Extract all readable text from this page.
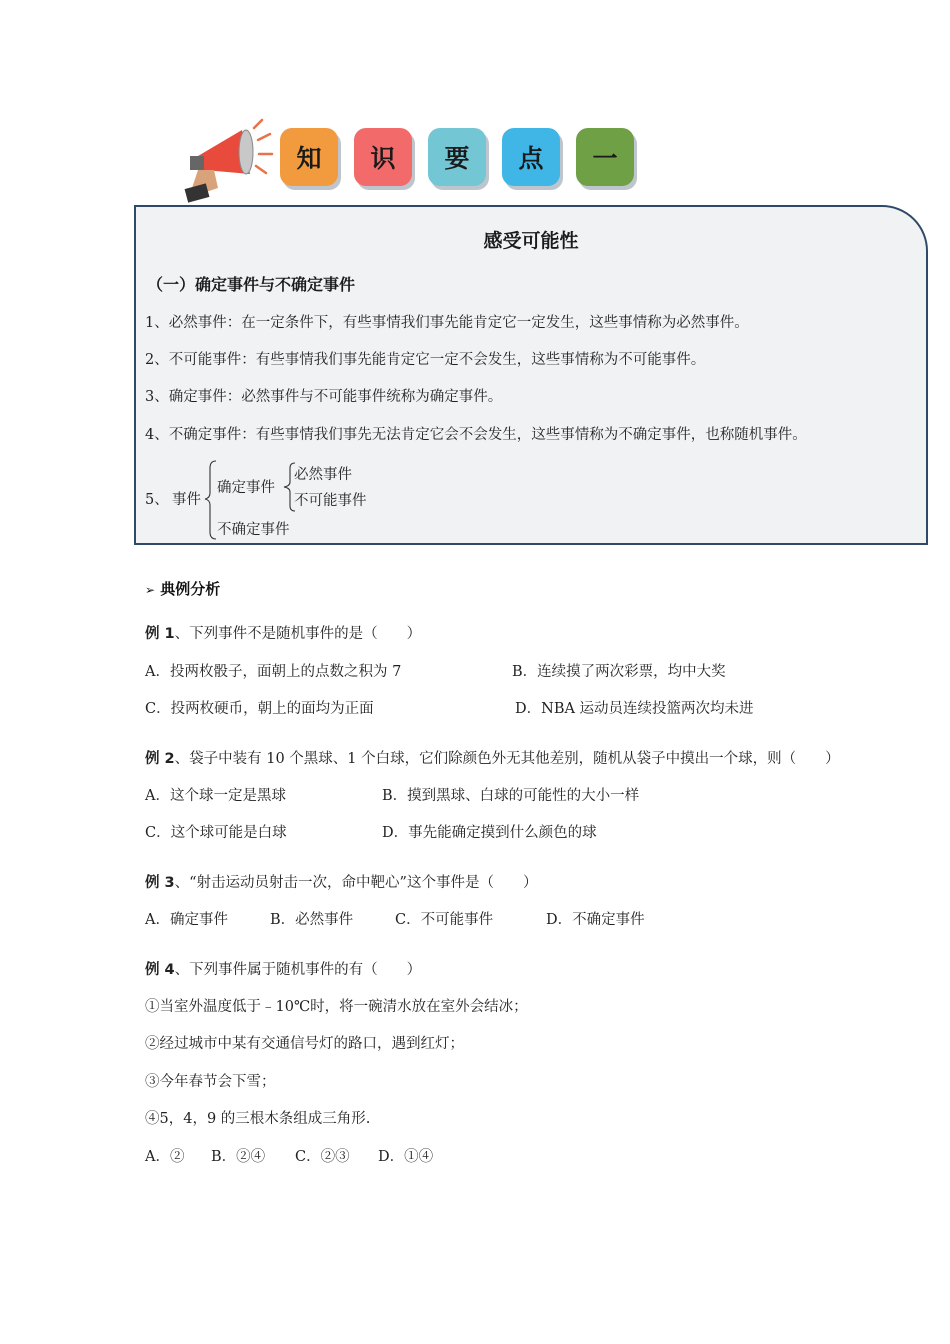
知	识	要	点	一
感受可能性
（一）确定事件与不确定事件
1、必然事件：在一定条件下，有些事情我们事先能肯定它一定发生，这些事情称为必然事件。
2、不可能事件：有些事情我们事先能肯定它一定不会发生，这些事情称为不可能事件。
3、确定事件：必然事件与不可能事件统称为确定事件。
4、不确定事件：有些事情我们事先无法肯定它会不会发生，这些事情称为不确定事件，也称随机事件。
5、 事件
确定事件
必然事件
不可能事件
不确定事件
➢ 典例分析
例 1、下列事件不是随机事件的是（　　）
A．投两枚骰子，面朝上的点数之积为 7	B．连续摸了两次彩票，均中大奖
C．投两枚硬币，朝上的面均为正面	D．NBA 运动员连续投篮两次均未进
例 2、袋子中装有 10 个黑球、1 个白球，它们除颜色外无其他差别，随机从袋子中摸出一个球，则（　　）
A．这个球一定是黑球	B．摸到黑球、白球的可能性的大小一样
C．这个球可能是白球	D．事先能确定摸到什么颜色的球
例 3、“射击运动员射击一次，命中靶心”这个事件是（　　）
A．确定事件	B．必然事件	C．不可能事件	D．不确定事件
例 4、下列事件属于随机事件的有（　　）
①当室外温度低于﹣10℃时，将一碗清水放在室外会结冰；
②经过城市中某有交通信号灯的路口，遇到红灯；
③今年春节会下雪；
④5，4，9 的三根木条组成三角形.
A．② B．②④ C．②③ D．①④
